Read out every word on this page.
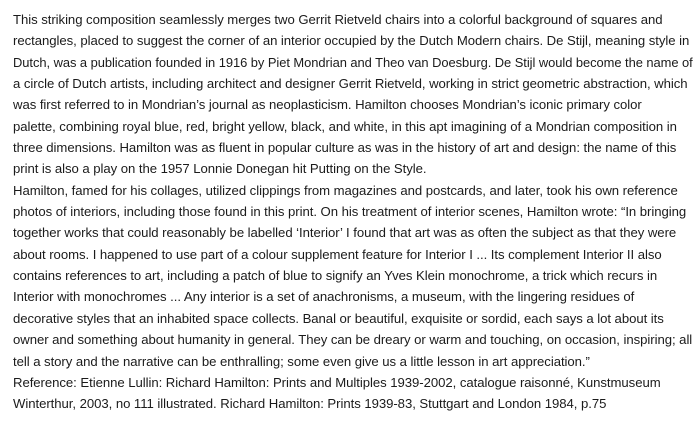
This striking composition seamlessly merges two Gerrit Rietveld chairs into a colorful background of squares and
rectangles, placed to suggest the corner of an interior occupied by the Dutch Modern chairs. De Stijl, meaning style in
Dutch, was a publication founded in 1916 by Piet Mondrian and Theo van Doesburg. De Stijl would become the name of
a circle of Dutch artists, including architect and designer Gerrit Rietveld, working in strict geometric abstraction, which
was first referred to in Mondrian’s journal as neoplasticism. Hamilton chooses Mondrian’s iconic primary color
palette, combining royal blue, red, bright yellow, black, and white, in this apt imagining of a Mondrian composition in
three dimensions. Hamilton was as fluent in popular culture as was in the history of art and design: the name of this
print is also a play on the 1957 Lonnie Donegan hit Putting on the Style.

Hamilton, famed for his collages, utilized clippings from magazines and postcards, and later, took his own reference
photos of interiors, including those found in this print. On his treatment of interior scenes, Hamilton wrote: “In bringing
together works that could reasonably be labelled ‘Interior’ I found that art was as often the subject as that they were
about rooms. I happened to use part of a colour supplement feature for Interior I ... Its complement Interior II also
contains references to art, including a patch of blue to signify an Yves Klein monochrome, a trick which recurs in
Interior with monochromes ... Any interior is a set of anachronisms, a museum, with the lingering residues of
decorative styles that an inhabited space collects. Banal or beautiful, exquisite or sordid, each says a lot about its
owner and something about humanity in general. They can be dreary or warm and touching, on occasion, inspiring; all
tell a story and the narrative can be enthralling; some even give us a little lesson in art appreciation.”

Reference: Etienne Lullin: Richard Hamilton: Prints and Multiples 1939-2002, catalogue raisonné, Kunstmuseum
Winterthur, 2003, no 111 illustrated. Richard Hamilton: Prints 1939-83, Stuttgart and London 1984, p.75
